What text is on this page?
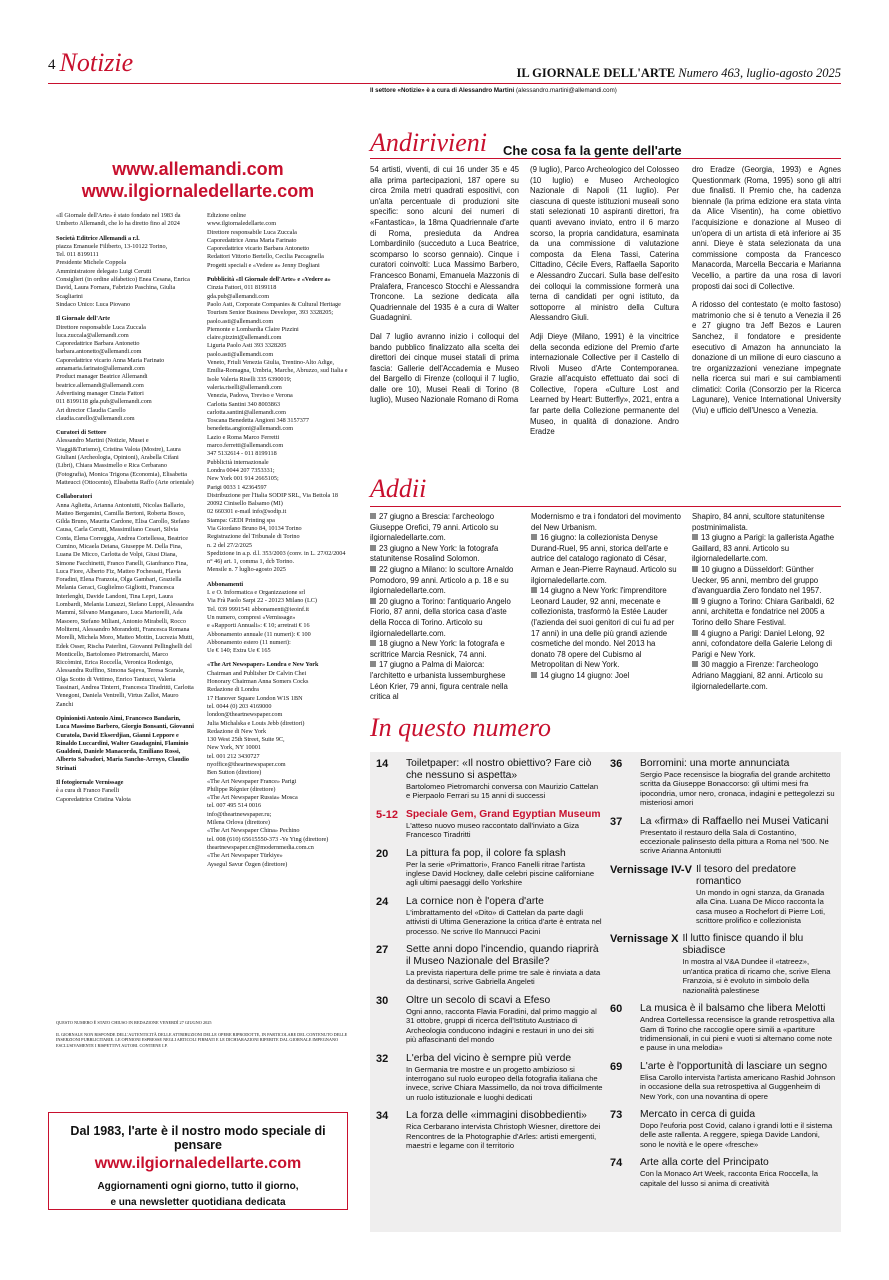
4 Notizie	IL GIORNALE DELL'ARTE Numero 463, luglio-agosto 2025
Il settore «Notizie» è a cura di Alessandro Martini (alessandro.martini@allemandi.com)
www.allemandi.com
www.ilgiornaledellarte.com

«Il Giornale dell'Arte» è stato fondato nel 1983 da Umberto Allemandi, che lo ha diretto fino al 2024

Società Editrice Allemandi a r.l.
piazza Emanuele Filiberto, 13-10122 Torino,
Tel. 011 8199111
Presidente Michele Coppola
Amministratore delegato Luigi Cerutti
Consiglieri (in ordine alfabetico) Enea Cesana, Enrica David, Laura Fornara, Fabrizio Paschina, Giulia Scagliarini
Sindaco Unico: Luca Piovano

Il Giornale dell'Arte
Direttore responsabile Luca Zuccala
luca.zuccala@allemandi.com
Caporedattrice Barbara Antonetto
barbara.antonetto@allemandi.com
Caporedattrice vicario Anna Maria Farinato
annamaria.farinato@allemandi.com
Product manager Beatrice Allemandi
beatrice.allemandi@allemandi.com
Advertising manager Cinzia Fattori
011 8199118 gda.pub@allemandi.com
Art director Claudia Carello
claudia.carello@allemandi.com

Curatori di Settore
Alessandro Martini (Notizie, Musei e Viaggi&Turismo), Cristina Valota (Mostre), Laura Giuliani (Archeologia, Opinioni), Arabella Cifani (Libri), Chiara Massimello e Rica Cerbarano (Fotografia), Monica Trigona (Economia), Elisabetta Matteucci (Ottocento), Elisabetta Raffo (Arte orientale)

Collaboratori
Anna Aglietta, Arianna Antoniutti, Nicolas Ballario, Matteo Bergamini, Camilla Bertoni, Roberta Bosco, Gilda Bruno, Maurita Cardone, Elisa Carollo, Stefano Causa, Carla Cerutti, Massimiliano Cesari, Silvia Conta, Elena Correggia, Andrea Cortellessa, Beatrice Cumino, Micaela Deiana, Giuseppe M. Della Fina, Luana De Micco, Carlotta de Volpi, Giusi Diana, Simone Facchinetti, Franco Fanelli, Gianfranco Fina, Luca Fiore, Alberto Fiz, Matteo Fochessati, Flavia Foradini, Elena Franzoia, Olga Gambari, Graziella Melania Geraci, Guglielmo Gigliotti, Francesca Interlenghi, Davide Landoni, Tina Lepri, Laura Lombardi, Melania Lunazzi, Stefano Luppi, Alessandra Mammì, Silvano Manganaro, Luca Martorelli, Ada Masoero, Stefano Miliani, Antonio Mirabelli, Rocco Moliterni, Alessandro Morandotti, Francesca Romana Morelli, Michela Moro, Matteo Mottin, Lucrezia Mutti, Edek Osser, Rischa Paterlini, Giovanni Pellinghelli del Monticello, Bartolomeo Pietromarchi, Marco Riccòmini, Erica Roccella, Veronica Rodenigo, Alessandra Ruffino, Simona Sajeva, Teresa Scarale, Olga Scotto di Vettimo, Enrico Tantucci, Valeria Tassinari, Andrea Tinterri, Francesca Tiradritti, Carlotta Venegoni, Daniela Ventrelli, Virtus Zallot, Mauro Zanchi

Opinionisti Antonio Aimi, Francesco Bandarin, Luca Massimo Barbero, Giorgio Bonsanti, Giovanni Curatola, David Ekserdjian, Gianni Leppore e Rinaldo Luccardini, Walter Guadagnini, Flaminio Gualdoni, Daniele Manacorda, Emiliano Rossi, Alberto Salvadori, Maria Sancho-Arroyo, Claudio Strinati

Il fotogiornale Vernissage
è a cura di Franco Fanelli
Caporedattrice Cristina Valota

Edizione online
www.ilgiornaledellarte.com
Direttore responsabile Luca Zuccala
Caporedattrice Anna Maria Farinato
Caporedattrice vicario Barbara Antonetto
Redattori Vittorio Bertello, Cecilia Paccagnella
Progetti speciali e «Vedere a» Jenny Dogliani

Pubblicità «Il Giornale dell'Arte» e «Vedere a»
Cinzia Fattori, 011 8199118
gda.pub@allemandi.com
Paolo Asti, Corporate Companies & Cultural Heritage Tourism Senior Business Developer, 393 3328205; paolo.asti@allemandi.com
Piemonte e Lombardia Claire Pizzini
claire.pizzini@allemandi.com
Liguria Paolo Asti 393 3328205
paolo.asti@allemandi.com
Veneto, Friuli Venezia Giulia, Trentino-Alto Adige, Emilia-Romagna, Umbria, Marche, Abruzzo, sud Italia e Isole Valeria Riselli 335 6390019;
valeria.riselli@allemandi.com
Venezia, Padova, Treviso e Verona
Carlotta Santini 340 8003863
carlotta.santini@allemandi.com
Toscana Benedetta Angioni 348 3157377
benedetta.angioni@allemandi.com
Lazio e Roma Marco Ferretti
marco.ferretti@allemandi.com
347 5132614 - 011 8199118
Pubblicità internazionale
Londra 0044 207 7353331;
New York 001 914 2665105;
Parigi 0033 1 42364597
Distribuzione per l'Italia SODIP SRL, Via Bettola 18 20092 Cinisello Balsamo (MI)
02 660301 e-mail info@sodip.it
Stampa: GEDI Printing spa
Via Giordano Bruno 84, 10134 Torino
Registrazione del Tribunale di Torino
n. 2 del 27/2/2025
Spedizione in a.p. d.l. 353/2003 (conv. in L. 27/02/2004 n° 46) art. 1, comma 1, dcb Torino.
Mensile n. 7 luglio-agosto 2025

Abbonamenti
I. e O. Informatica e Organizzazione srl
Via Frà Paolo Sarpi 22 - 20123 Milano (LC)
Tel. 039 9991541 abbonamenti@ieoinf.it
Un numero, compresi «Vernissage»
e «Rapporti Annuali»: € 10; arretrati € 16
Abbonamento annuale (11 numeri): € 100
Abbonamento estero (11 numeri):
Ue € 140; Extra Ue € 165

«The Art Newspaper» Londra e New York
Chairman and Publisher Dr Calvin Chei
Honorary Chairman Anna Somers Cocks
Redazione di Londra
17 Hanover Square London W1S 1BN
tel. 0044 (0) 203 4169000
london@theartnewspaper.com
Julia Michalska e Louis Jebb (direttori)
Redazione di New York
130 West 25th Street, Suite 9C,
New York, NY 10001
tel. 001 212 3430727
nyoffice@theartnewspaper.com
Ben Sutton (direttore)
«The Art Newspaper France» Parigi
Philippe Régnier (direttore)
«The Art Newspaper Russia» Mosca
tel. 007 495 514 0016
info@theartnewspaper.ru;
Milena Orlova (direttore)
«The Art Newspaper China» Pechino
tel. 008 (610) 65615550-373 -Ye Ying (direttore)
theartnewspaper.cn@modernmedia.com.cn
«The Art Newspaper Türkiye»
Aysegul Savur Özgen (direttore)

QUESTO NUMERO È STATO CHIUSO IN REDAZIONE VENERDÌ 27 GIUGNO 2025
IL GIORNALE NON RISPONDE DELL'AUTENTICITÀ DELLE ATTRIBUZIONI DELLE OPERE RIPRODOTTE, IN PARTICOLARE DEL CONTENUTO DELLE INSERZIONI PUBBLICITARIE. LE OPINIONI ESPRESSE NEGLI ARTICOLI FIRMATI E LE DICHIARAZIONI RIFERITE DAL GIORNALE IMPEGNANO ESCLUSIVAMENTE I RISPETTIVI AUTORI. CONTIENE I.P.
Dal 1983, l'arte è il nostro modo speciale di pensare
www.ilgiornaledellarte.com
Aggiornamenti ogni giorno, tutto il giorno,
e una newsletter quotidiana dedicata
Andirivieni Che cosa fa la gente dell'arte

54 artisti, viventi, di cui 16 under 35 e 45 alla prima partecipazioni, 187 opere su circa 2mila metri quadrati espositivi, con un'alta percentuale di produzioni site specific: sono alcuni dei numeri di «Fantastica», la 18ma Quadriennale d'arte di Roma, presieduta da Andrea Lombardinilo (succeduto a Luca Beatrice, scomparso lo scorso gennaio). Cinque i curatori coinvolti: Luca Massimo Barbero, Francesco Bonami, Emanuela Mazzonis di Pralafera, Francesco Stocchi e Alessandra Troncone. La sezione dedicata alla Quadriennale del 1935 è a cura di Walter Guadagnini.

Dal 7 luglio avranno inizio i colloqui del bando pubblico finalizzato alla scelta dei direttori dei cinque musei statali di prima fascia: Gallerie dell'Accademia e Museo del Bargello di Firenze (colloqui il 7 luglio, dalle ore 10), Musei Reali di Torino (8 luglio), Museo Nazionale Romano di Roma

(9 luglio), Parco Archeologico del Colosseo (10 luglio) e Museo Archeologico Nazionale di Napoli (11 luglio). Per ciascuna di queste istituzioni museali sono stati selezionati 10 aspiranti direttori, fra quanti avevano inviato, entro il 6 marzo scorso, la propria candidatura, esaminata da una commissione di valutazione composta da Elena Tassi, Caterina Cittadino, Cécile Evers, Raffaella Saporito e Alessandro Zuccari. Sulla base dell'esito dei colloqui la commissione formerà una terna di candidati per ogni istituto, da sottoporre al ministro della Cultura Alessandro Giuli.

Adji Dieye (Milano, 1991) è la vincitrice della seconda edizione del Premio d'arte internazionale Collective per il Castello di Rivoli Museo d'Arte Contemporanea. Grazie all'acquisto effettuato dai soci di Collective, l'opera «Culture Lost and Learned by Heart: Butterfly», 2021, entra a far parte della Collezione permanente del Museo, in qualità di donazione. Andro Eradze

dro Eradze (Georgia, 1993) e Agnes Questionmark (Roma, 1995) sono gli altri due finalisti. Il Premio che, ha cadenza biennale (la prima edizione era stata vinta da Alice Visentin), ha come obiettivo l'acquisizione e donazione al Museo di un'opera di un artista di età inferiore ai 35 anni. Dieye è stata selezionata da una commissione composta da Francesco Manacorda, Marcella Beccaria e Marianna Vecellio, a partire da una rosa di lavori proposti dai soci di Collective.

A ridosso del contestato (e molto fastoso) matrimonio che si è tenuto a Venezia il 26 e 27 giugno tra Jeff Bezos e Lauren Sanchez, il fondatore e presidente esecutivo di Amazon ha annunciato la donazione di un milione di euro ciascuno a tre organizzazioni veneziane impegnate nella ricerca sui mari e sui cambiamenti climatici: Corila (Consorzio per la Ricerca Lagunare), Venice International University (Viu) e ufficio dell'Unesco a Venezia.

Addii
27 giugno a Brescia: l'archeologo Giuseppe Orefici, 79 anni. Articolo su ilgiornaledellarte.com.
23 giugno a New York: la fotografa statunitense Rosalind Solomon.
22 giugno a Milano: lo scultore Arnaldo Pomodoro, 99 anni. Articolo a p. 18 e su ilgiornaledellarte.com.
20 giugno a Torino: l'antiquario Angelo Fiorio, 87 anni, della storica casa d'aste della Rocca di Torino. Articolo su ilgiornaledellarte.com.
18 giugno a New York: la fotografa e scrittrice Marcia Resnick, 74 anni.
17 giugno a Palma di Maiorca: l'architetto e urbanista lussemburghese Léon Krier, 79 anni, figura centrale nella critica al
Modernismo e tra i fondatori del movimento del New Urbanism.
16 giugno: la collezionista Denyse Durand-Ruel, 95 anni, storica dell'arte e autrice del catalogo ragionato di César, Arman e Jean-Pierre Raynaud. Articolo su ilgiornaledellarte.com.
14 giugno a New York: l'imprenditore Leonard Lauder, 92 anni, mecenate e collezionista, trasformò la Estée Lauder (l'azienda dei suoi genitori di cui fu ad per 17 anni) in una delle più grandi aziende cosmetiche del mondo. Nel 2013 ha donato 78 opere del Cubismo al Metropolitan di New York.
14 giugno 14 giugno: Joel
Shapiro, 84 anni, scultore statunitense postminimalista.
13 giugno a Parigi: la gallerista Agathe Gaillard, 83 anni. Articolo su ilgiornaledellarte.com.
10 giugno a Düsseldorf: Günther Uecker, 95 anni, membro del gruppo d'avanguardia Zero fondato nel 1957.
9 giugno a Torino: Chiara Garibaldi, 62 anni, architetta e fondatrice nel 2005 a Torino dello Share Festival.
4 giugno a Parigi: Daniel Lelong, 92 anni, cofondatore della Galerie Lelong di Parigi e New York.
30 maggio a Firenze: l'archeologo Adriano Maggiani, 82 anni. Articolo su ilgiornaledellarte.com.
In questo numero
14	Toiletpaper: «Il nostro obiettivo? Fare ciò che nessuno si aspetta»
Bartolomeo Pietromarchi conversa con Maurizio Cattelan e Pierpaolo Ferrari su 15 anni di successi
5-12 Speciale Gem, Grand Egyptian Museum
L'atteso nuovo museo raccontato dall'inviato a Giza Francesco Tiradritti
20	La pittura fa pop, il colore fa splash
Per la serie «Primattori», Franco Fanelli ritrae l'artista inglese David Hockney, dalle celebri piscine californiane agli ultimi paesaggi dello Yorkshire
24	La cornice non è l'opera d'arte
L'imbrattamento del «Dito» di Cattelan da parte dagli attivisti di Ultima Generazione la critica d'arte è entrata nel processo. Ne scrive Ilo Mannucci Pacini
27	Sette anni dopo l'incendio, quando riaprirà il Museo Nazionale del Brasile?
La prevista riapertura delle prime tre sale è rinviata a data da destinarsi, scrive Gabriella Angeleti
30	Oltre un secolo di scavi a Efeso
Ogni anno, racconta Flavia Foradini, dal primo maggio al 31 ottobre, gruppi di ricerca dell'Istituto Austriaco di Archeologia conducono indagini e restauri in uno dei siti più affascinanti del mondo
32	L'erba del vicino è sempre più verde
In Germania tre mostre e un progetto ambizioso si interrogano sul ruolo europeo della fotografia italiana che invece, scrive Chiara Massimello, da noi trova difficilmente un ruolo istituzionale e luoghi dedicati
34	La forza delle «immagini disobbedienti»
Rica Cerbarano intervista Christoph Wiesner, direttore dei Rencontres de la Photographie d'Arles: artisti emergenti, maestri e legame con il territorio
36	Borromini: una morte annunciata
Sergio Pace recensisce la biografia del grande architetto scritta da Giuseppe Bonaccorso: gli ultimi mesi fra ipocondria, umor nero, cronaca, indagini e pettegolezzi su misteriosi amori
37	La «firma» di Raffaello nei Musei Vaticani
Presentato il restauro della Sala di Costantino, eccezionale palinsesto della pittura a Roma nel '500. Ne scrive Arianna Antoniutti
Vernissage IV-V Il tesoro del predatore romantico
Un mondo in ogni stanza, da Granada alla Cina. Luana De Micco racconta la casa museo a Rochefort di Pierre Loti, scrittore prolifico e collezionista
Vernissage X Il lutto finisce quando il blu sbiadisce
In mostra al V&A Dundee il «tatreez», un'antica pratica di ricamo che, scrive Elena Franzoia, si è evoluto in simbolo della nazionalità palestinese
60	La musica è il balsamo che libera Melotti
Andrea Cortellessa recensisce la grande retrospettiva alla Gam di Torino che raccoglie opere simili a «partiture tridimensionali, in cui pieni e vuoti si alternano come note e pause in una melodia»
69	L'arte è l'opportunità di lasciare un segno
Elisa Carollo intervista l'artista americano Rashid Johnson in occasione della sua retrospettiva al Guggenheim di New York, con una novantina di opere
73	Mercato in cerca di guida
Dopo l'euforia post Covid, calano i grandi lotti e il sistema delle aste rallenta. A reggere, spiega Davide Landoni, sono le novità e le opere «fresche»
74	Arte alla corte del Principato
Con la Monaco Art Week, racconta Erica Roccella, la capitale del lusso si anima di creatività
